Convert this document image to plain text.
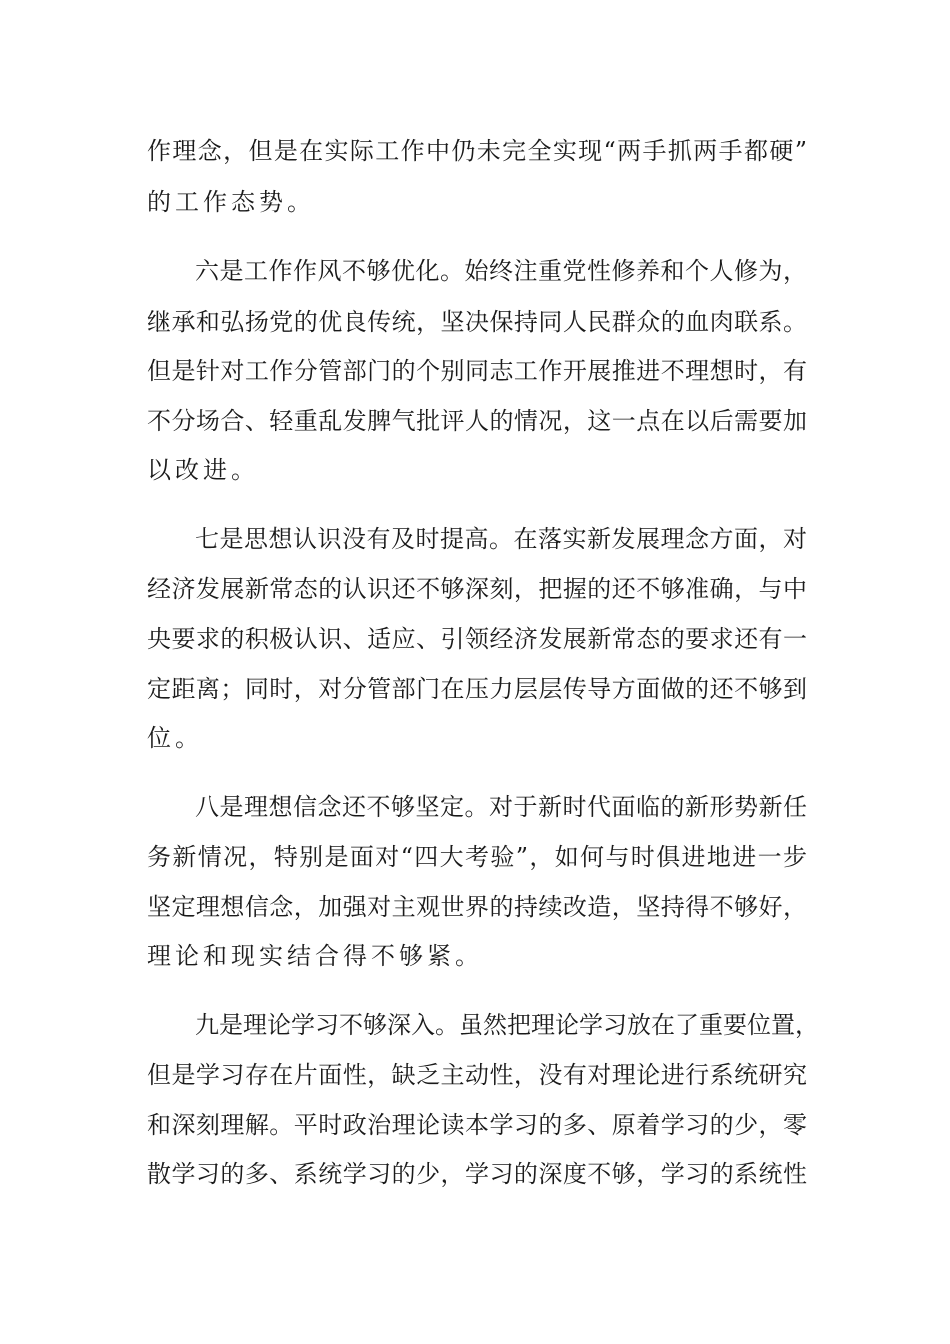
作理念，但是在实际工作中仍未完全实现“两手抓两手都硬”
的工作态势。
六是工作作风不够优化。始终注重党性修养和个人修为，
继承和弘扬党的优良传统，坚决保持同人民群众的血肉联系。
但是针对工作分管部门的个别同志工作开展推进不理想时，有
不分场合、轻重乱发脾气批评人的情况，这一点在以后需要加
以改进。
七是思想认识没有及时提高。在落实新发展理念方面，对
经济发展新常态的认识还不够深刻，把握的还不够准确，与中
央要求的积极认识、适应、引领经济发展新常态的要求还有一
定距离；同时，对分管部门在压力层层传导方面做的还不够到
位。
八是理想信念还不够坚定。对于新时代面临的新形势新任
务新情况，特别是面对“四大考验”，如何与时俱进地进一步
坚定理想信念，加强对主观世界的持续改造，坚持得不够好，
理论和现实结合得不够紧。
九是理论学习不够深入。虽然把理论学习放在了重要位置，
但是学习存在片面性，缺乏主动性，没有对理论进行系统研究
和深刻理解。平时政治理论读本学习的多、原着学习的少，零
散学习的多、系统学习的少，学习的深度不够，学习的系统性
